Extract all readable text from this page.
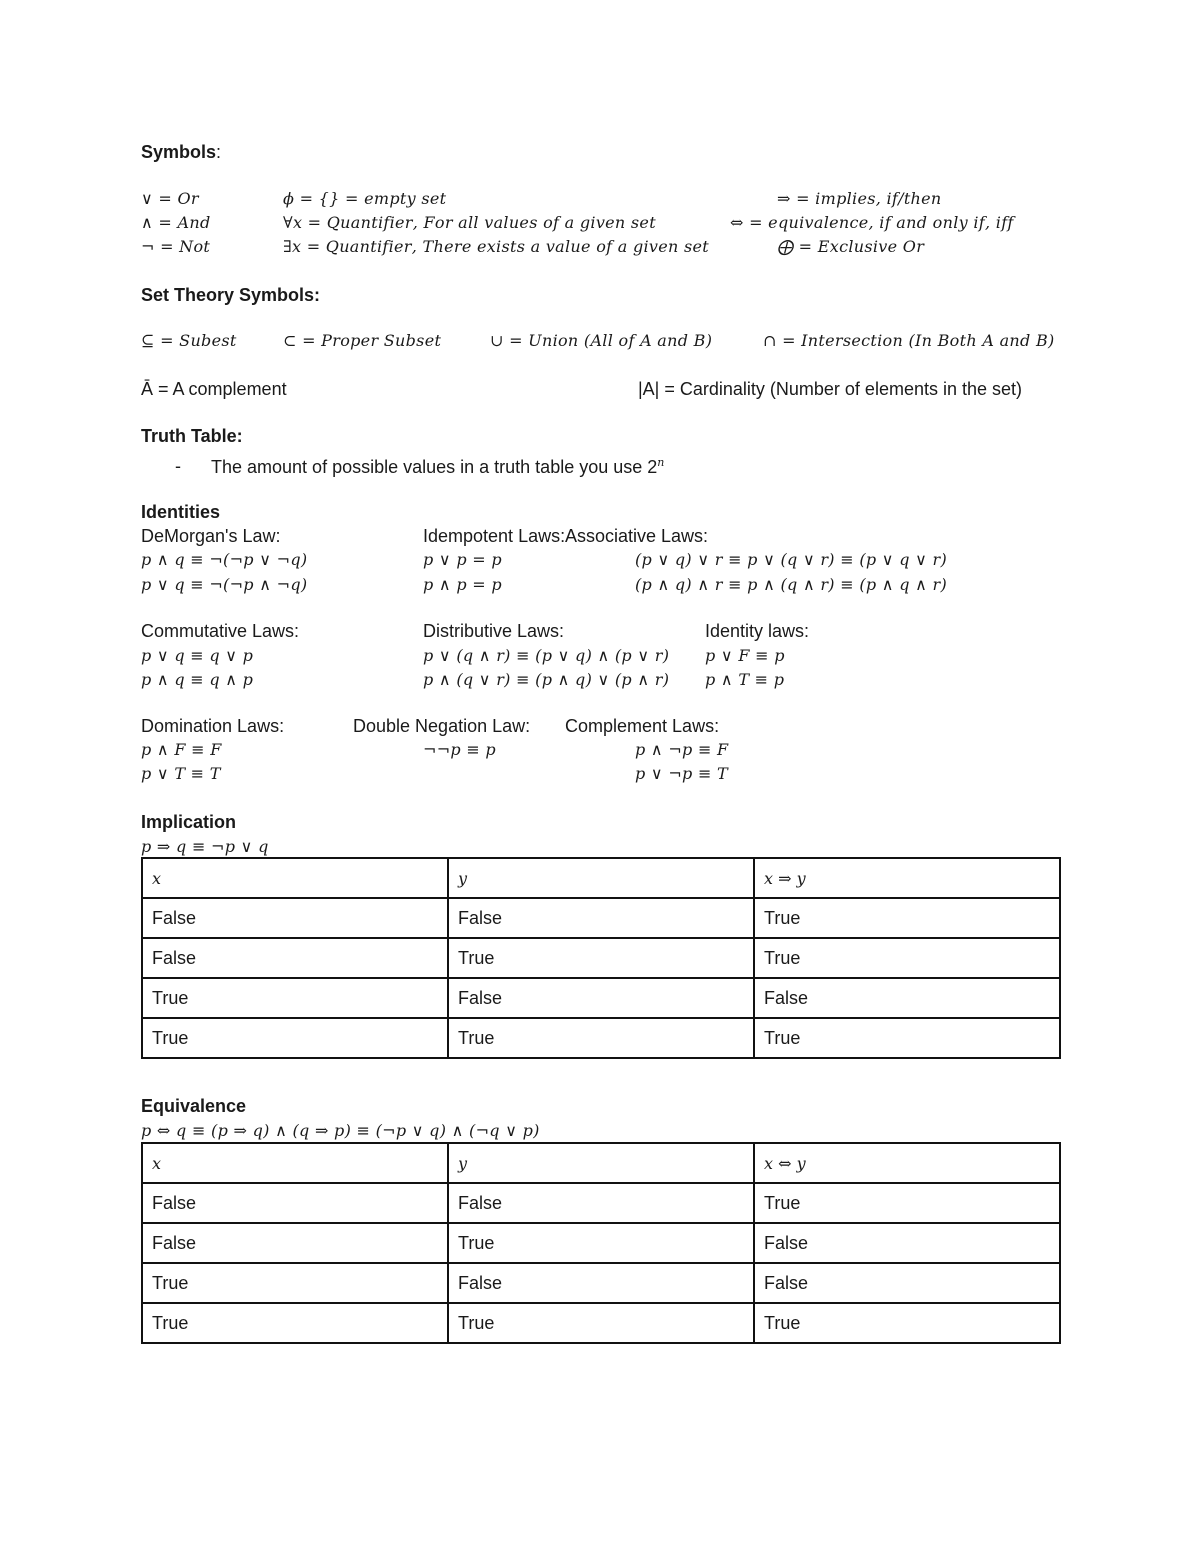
Symbols:
∨ = 𝑂𝑟
∧ = 𝐴𝑛𝑑
¬ = 𝑁𝑜𝑡
ϕ = {} = 𝑒𝑚𝑝𝑡𝑦 𝑠𝑒𝑡
∀𝑥 = 𝑄𝑢𝑎𝑛𝑡𝑖𝑓𝑖𝑒𝑟, 𝐹𝑜𝑟 𝑎𝑙𝑙 𝑣𝑎𝑙𝑢𝑒𝑠 𝑜𝑓 𝑎 𝑔𝑖𝑣𝑒𝑛 𝑠𝑒𝑡
∃𝑥 = 𝑄𝑢𝑎𝑛𝑡𝑖𝑓𝑖𝑒𝑟, 𝑇ℎ𝑒𝑟𝑒 𝑒𝑥𝑖𝑠𝑡𝑠 𝑎 𝑣𝑎𝑙𝑢𝑒 𝑜𝑓 𝑎 𝑔𝑖𝑣𝑒𝑛 𝑠𝑒𝑡
⇒ = 𝑖𝑚𝑝𝑙𝑖𝑒𝑠, 𝑖𝑓/𝑡ℎ𝑒𝑛
⇔ = 𝑒𝑞𝑢𝑖𝑣𝑎𝑙𝑒𝑛𝑐𝑒, 𝑖𝑓 𝑎𝑛𝑑 𝑜𝑛𝑙𝑦 𝑖𝑓, 𝑖𝑓𝑓
⨁ = 𝐸𝑥𝑐𝑙𝑢𝑠𝑖𝑣𝑒 𝑂𝑟
Set Theory Symbols:
⊆ = 𝑆𝑢𝑏𝑒𝑠𝑡	⊂ = 𝑃𝑟𝑜𝑝𝑒𝑟 𝑆𝑢𝑏𝑠𝑒𝑡	∪ = 𝑈𝑛𝑖𝑜𝑛 (𝐴𝑙𝑙 𝑜𝑓 𝐴 𝑎𝑛𝑑 𝐵)	∩ = 𝐼𝑛𝑡𝑒𝑟𝑠𝑒𝑐𝑡𝑖𝑜𝑛 (𝐼𝑛 𝐵𝑜𝑡ℎ 𝐴 𝑎𝑛𝑑 𝐵)
Ā = A complement	|A| = Cardinality (Number of elements in the set)
Truth Table:
- The amount of possible values in a truth table you use 2$^n$
Identities
DeMorgan's Law:
𝑝 ∧ 𝑞 ≡ ¬(¬𝑝 ∨ ¬𝑞)
𝑝 ∨ 𝑞 ≡ ¬(¬𝑝 ∧ ¬𝑞)
Idempotent Laws:
𝑝 ∨ 𝑝 = 𝑝
𝑝 ∧ 𝑝 = 𝑝
Associative Laws:
(𝑝 ∨ 𝑞) ∨ 𝑟 ≡ 𝑝 ∨ (𝑞 ∨ 𝑟) ≡ (𝑝 ∨ 𝑞 ∨ 𝑟)
(𝑝 ∧ 𝑞) ∧ 𝑟 ≡ 𝑝 ∧ (𝑞 ∧ 𝑟) ≡ (𝑝 ∧ 𝑞 ∧ 𝑟)
Commutative Laws:
𝑝 ∨ 𝑞 ≡ 𝑞 ∨ 𝑝
𝑝 ∧ 𝑞 ≡ 𝑞 ∧ 𝑝
Distributive Laws:
𝑝 ∨ (𝑞 ∧ 𝑟) ≡ (𝑝 ∨ 𝑞) ∧ (𝑝 ∨ 𝑟)
𝑝 ∧ (𝑞 ∨ 𝑟) ≡ (𝑝 ∧ 𝑞) ∨ (𝑝 ∧ 𝑟)
Identity laws:
𝑝 ∨ 𝐹 ≡ 𝑝
𝑝 ∧ 𝑇 ≡ 𝑝
Domination Laws:
𝑝 ∧ 𝐹 ≡ 𝐹
𝑝 ∨ 𝑇 ≡ 𝑇
Double Negation Law:
¬¬𝑝 ≡ 𝑝
Complement Laws:
𝑝 ∧ ¬𝑝 ≡ 𝐹
𝑝 ∨ ¬𝑝 ≡ 𝑇
Implication
𝑝 ⇒ 𝑞 ≡ ¬𝑝 ∨ 𝑞
𝑥	𝑦	𝑥 ⇒ 𝑦
False	False	True
False	True	True
True	False	False
True	True	True
Equivalence
𝑝 ⇔ 𝑞 ≡ (𝑝 ⇒ 𝑞) ∧ (𝑞 ⇒ 𝑝) ≡ (¬𝑝 ∨ 𝑞) ∧ (¬𝑞 ∨ 𝑝)
𝑥	𝑦	𝑥 ⇔ 𝑦
False	False	True
False	True	False
True	False	False
True	True	True
